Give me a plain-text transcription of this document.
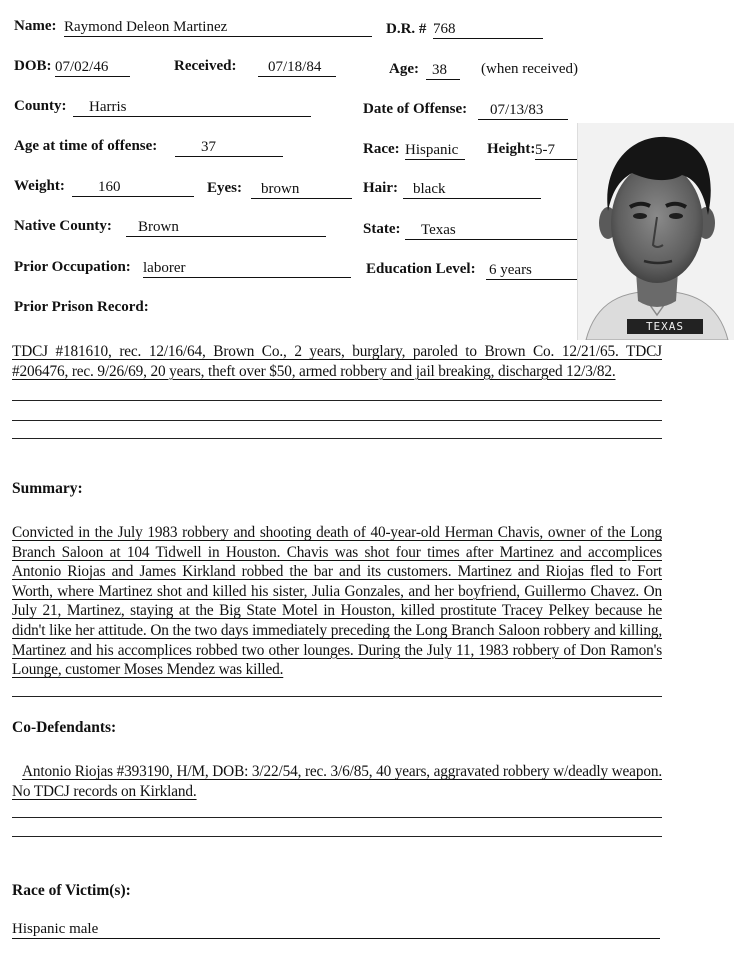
Name: Raymond Deleon Martinez	D.R. # 768
DOB: 07/02/46	Received:	07/18/84	Age: 38	(when received)
County:	Harris	Date of Offense:	07/13/83
Age at time of offense:	37	Race: Hispanic	Height: 5-7
Weight:	160	Eyes:	brown	Hair:	black
Native County:	Brown	State:	Texas
Prior Occupation: laborer	Education Level: 6 years
TEXAS
Prior Prison Record:
TDCJ #181610, rec. 12/16/64, Brown Co., 2 years, burglary, paroled to Brown Co. 12/21/65. TDCJ #206476, rec. 9/26/69, 20 years, theft over $50, armed robbery and jail breaking, discharged 12/3/82.
Summary:
Convicted in the July 1983 robbery and shooting death of 40-year-old Herman Chavis, owner of the Long Branch Saloon at 104 Tidwell in Houston. Chavis was shot four times after Martinez and accomplices Antonio Riojas and James Kirkland robbed the bar and its customers. Martinez and Riojas fled to Fort Worth, where Martinez shot and killed his sister, Julia Gonzales, and her boyfriend, Guillermo Chavez. On July 21, Martinez, staying at the Big State Motel in Houston, killed prostitute Tracey Pelkey because he didn't like her attitude. On the two days immediately preceding the Long Branch Saloon robbery and killing, Martinez and his accomplices robbed two other lounges. During the July 11, 1983 robbery of Don Ramon's Lounge, customer Moses Mendez was killed.
Co-Defendants:
Antonio Riojas #393190, H/M, DOB: 3/22/54, rec. 3/6/85, 40 years, aggravated robbery w/deadly weapon. No TDCJ records on Kirkland.
Race of Victim(s):
Hispanic male
